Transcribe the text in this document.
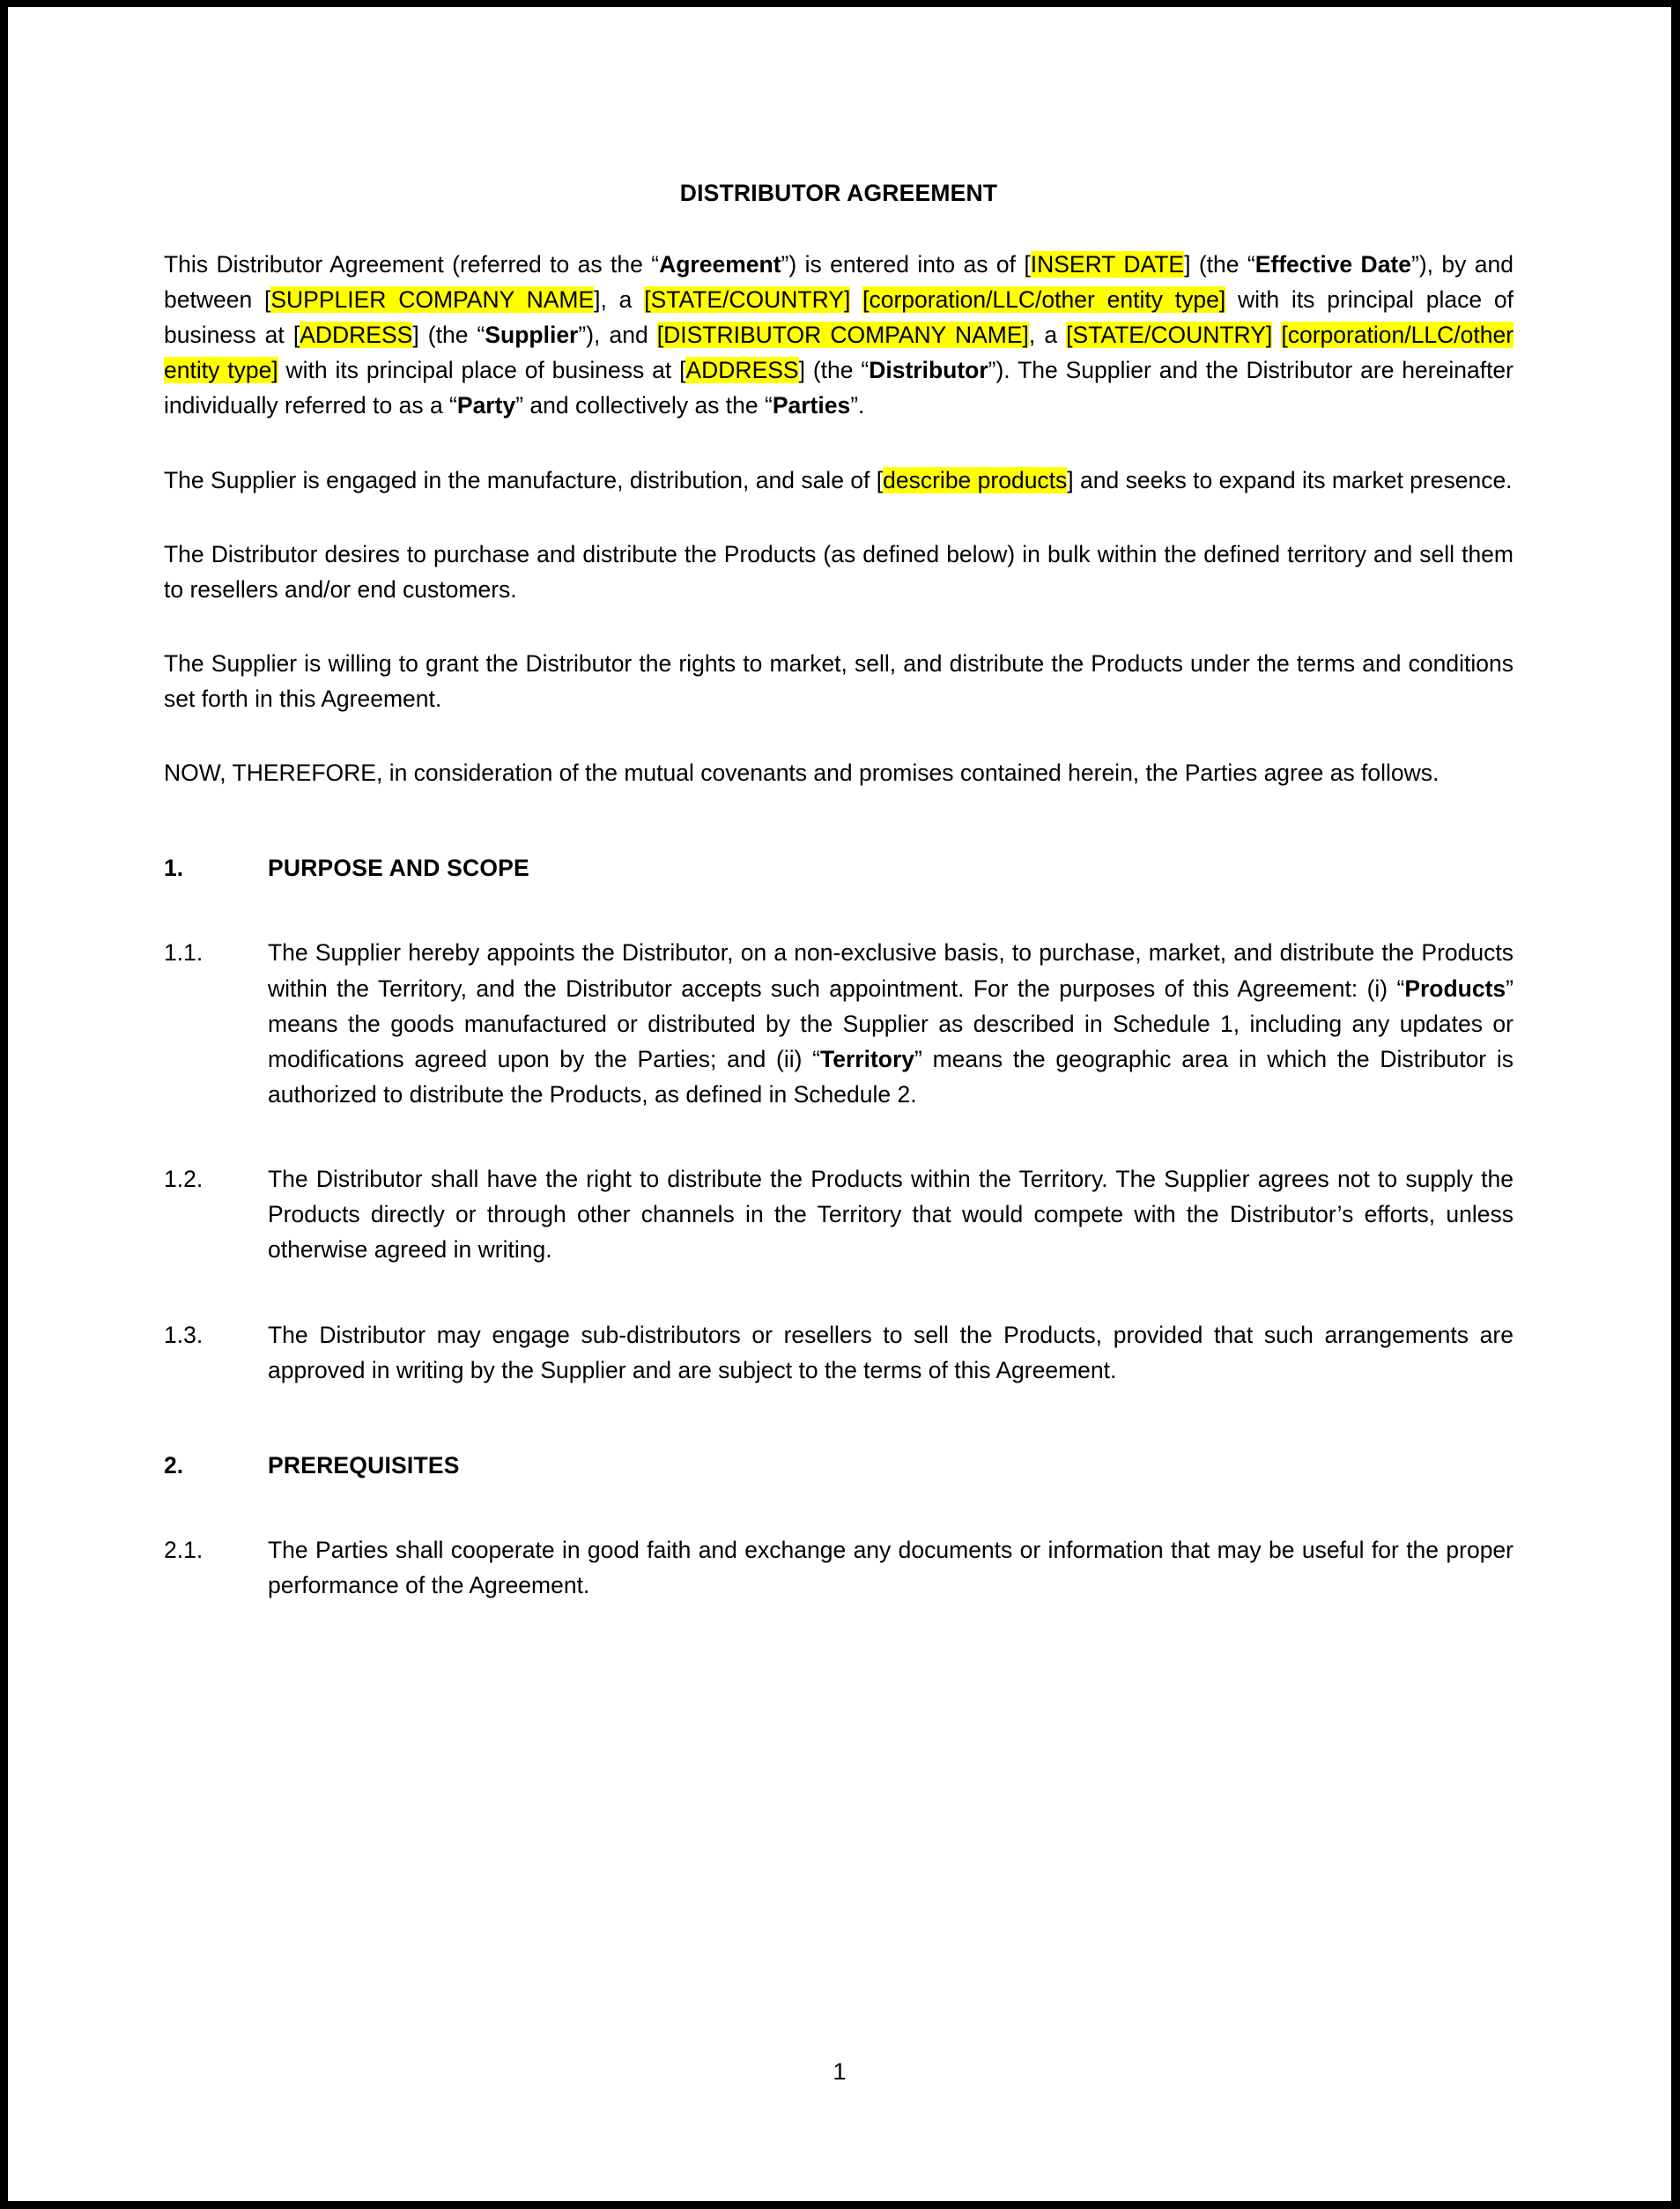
DISTRIBUTOR AGREEMENT

This Distributor Agreement (referred to as the “Agreement”) is entered into as of [INSERT DATE] (the “Effective Date”), by and between [SUPPLIER COMPANY NAME], a [STATE/COUNTRY] [corporation/LLC/other entity type] with its principal place of business at [ADDRESS] (the “Supplier”), and [DISTRIBUTOR COMPANY NAME], a [STATE/COUNTRY] [corporation/LLC/other entity type] with its principal place of business at [ADDRESS] (the “Distributor”). The Supplier and the Distributor are hereinafter individually referred to as a “Party” and collectively as the “Parties”.

The Supplier is engaged in the manufacture, distribution, and sale of [describe products] and seeks to expand its market presence.

The Distributor desires to purchase and distribute the Products (as defined below) in bulk within the defined territory and sell them to resellers and/or end customers.

The Supplier is willing to grant the Distributor the rights to market, sell, and distribute the Products under the terms and conditions set forth in this Agreement.

NOW, THEREFORE, in consideration of the mutual covenants and promises contained herein, the Parties agree as follows.

1.	PURPOSE AND SCOPE
1.1.	The Supplier hereby appoints the Distributor, on a non-exclusive basis, to purchase, market, and distribute the Products within the Territory, and the Distributor accepts such appointment. For the purposes of this Agreement: (i) “Products” means the goods manufactured or distributed by the Supplier as described in Schedule 1, including any updates or modifications agreed upon by the Parties; and (ii) “Territory” means the geographic area in which the Distributor is authorized to distribute the Products, as defined in Schedule 2.
1.2.	The Distributor shall have the right to distribute the Products within the Territory. The Supplier agrees not to supply the Products directly or through other channels in the Territory that would compete with the Distributor’s efforts, unless otherwise agreed in writing.
1.3.	The Distributor may engage sub-distributors or resellers to sell the Products, provided that such arrangements are approved in writing by the Supplier and are subject to the terms of this Agreement.
2.	PREREQUISITES
2.1.	The Parties shall cooperate in good faith and exchange any documents or information that may be useful for the proper performance of the Agreement.
1
